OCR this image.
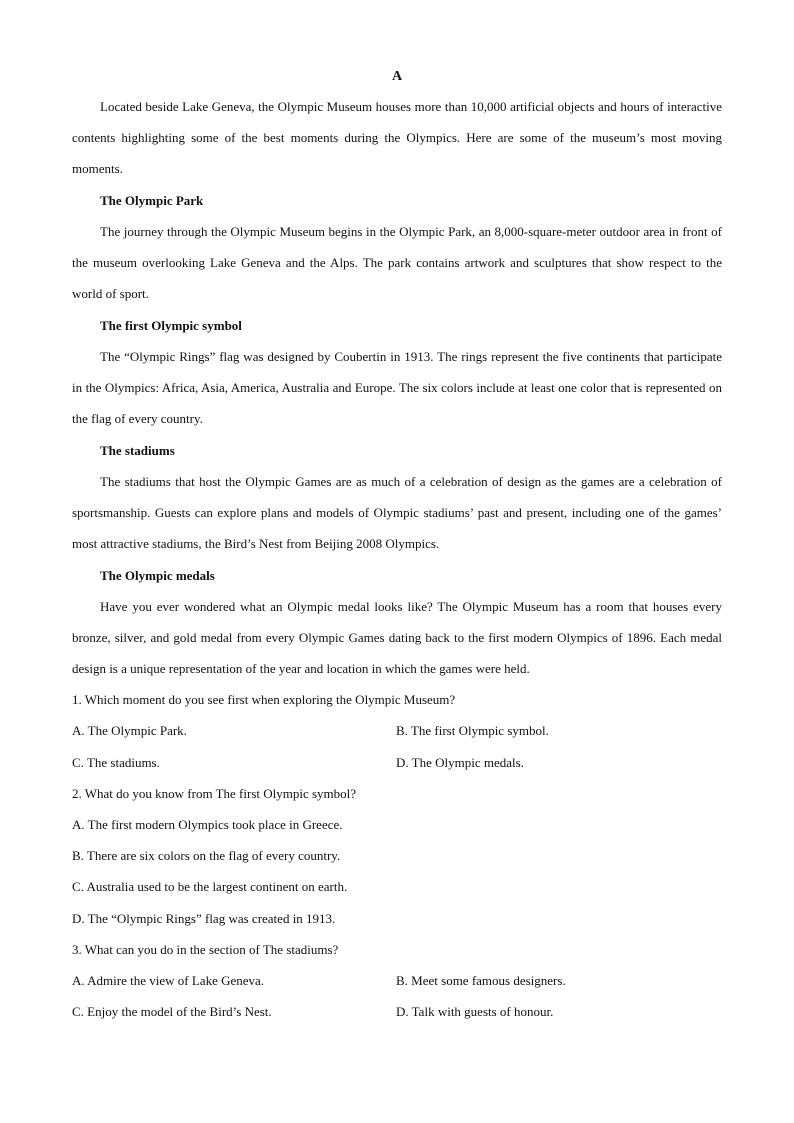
A

Located beside Lake Geneva, the Olympic Museum houses more than 10,000 artificial objects and hours of interactive contents highlighting some of the best moments during the Olympics. Here are some of the museum’s most moving moments.

The Olympic Park

The journey through the Olympic Museum begins in the Olympic Park, an 8,000-square-meter outdoor area in front of the museum overlooking Lake Geneva and the Alps. The park contains artwork and sculptures that show respect to the world of sport.

The first Olympic symbol

The “Olympic Rings” flag was designed by Coubertin in 1913. The rings represent the five continents that participate in the Olympics: Africa, Asia, America, Australia and Europe. The six colors include at least one color that is represented on the flag of every country.

The stadiums

The stadiums that host the Olympic Games are as much of a celebration of design as the games are a celebration of sportsmanship. Guests can explore plans and models of Olympic stadiums’ past and present, including one of the games’ most attractive stadiums, the Bird’s Nest from Beijing 2008 Olympics.

The Olympic medals

Have you ever wondered what an Olympic medal looks like? The Olympic Museum has a room that houses every bronze, silver, and gold medal from every Olympic Games dating back to the first modern Olympics of 1896. Each medal design is a unique representation of the year and location in which the games were held.

1. Which moment do you see first when exploring the Olympic Museum?
A. The Olympic Park.	B. The first Olympic symbol.
C. The stadiums.	D. The Olympic medals.
2. What do you know from The first Olympic symbol?
A. The first modern Olympics took place in Greece.
B. There are six colors on the flag of every country.
C. Australia used to be the largest continent on earth.
D. The “Olympic Rings” flag was created in 1913.
3. What can you do in the section of The stadiums?
A. Admire the view of Lake Geneva.	B. Meet some famous designers.
C. Enjoy the model of the Bird’s Nest.	D. Talk with guests of honour.
